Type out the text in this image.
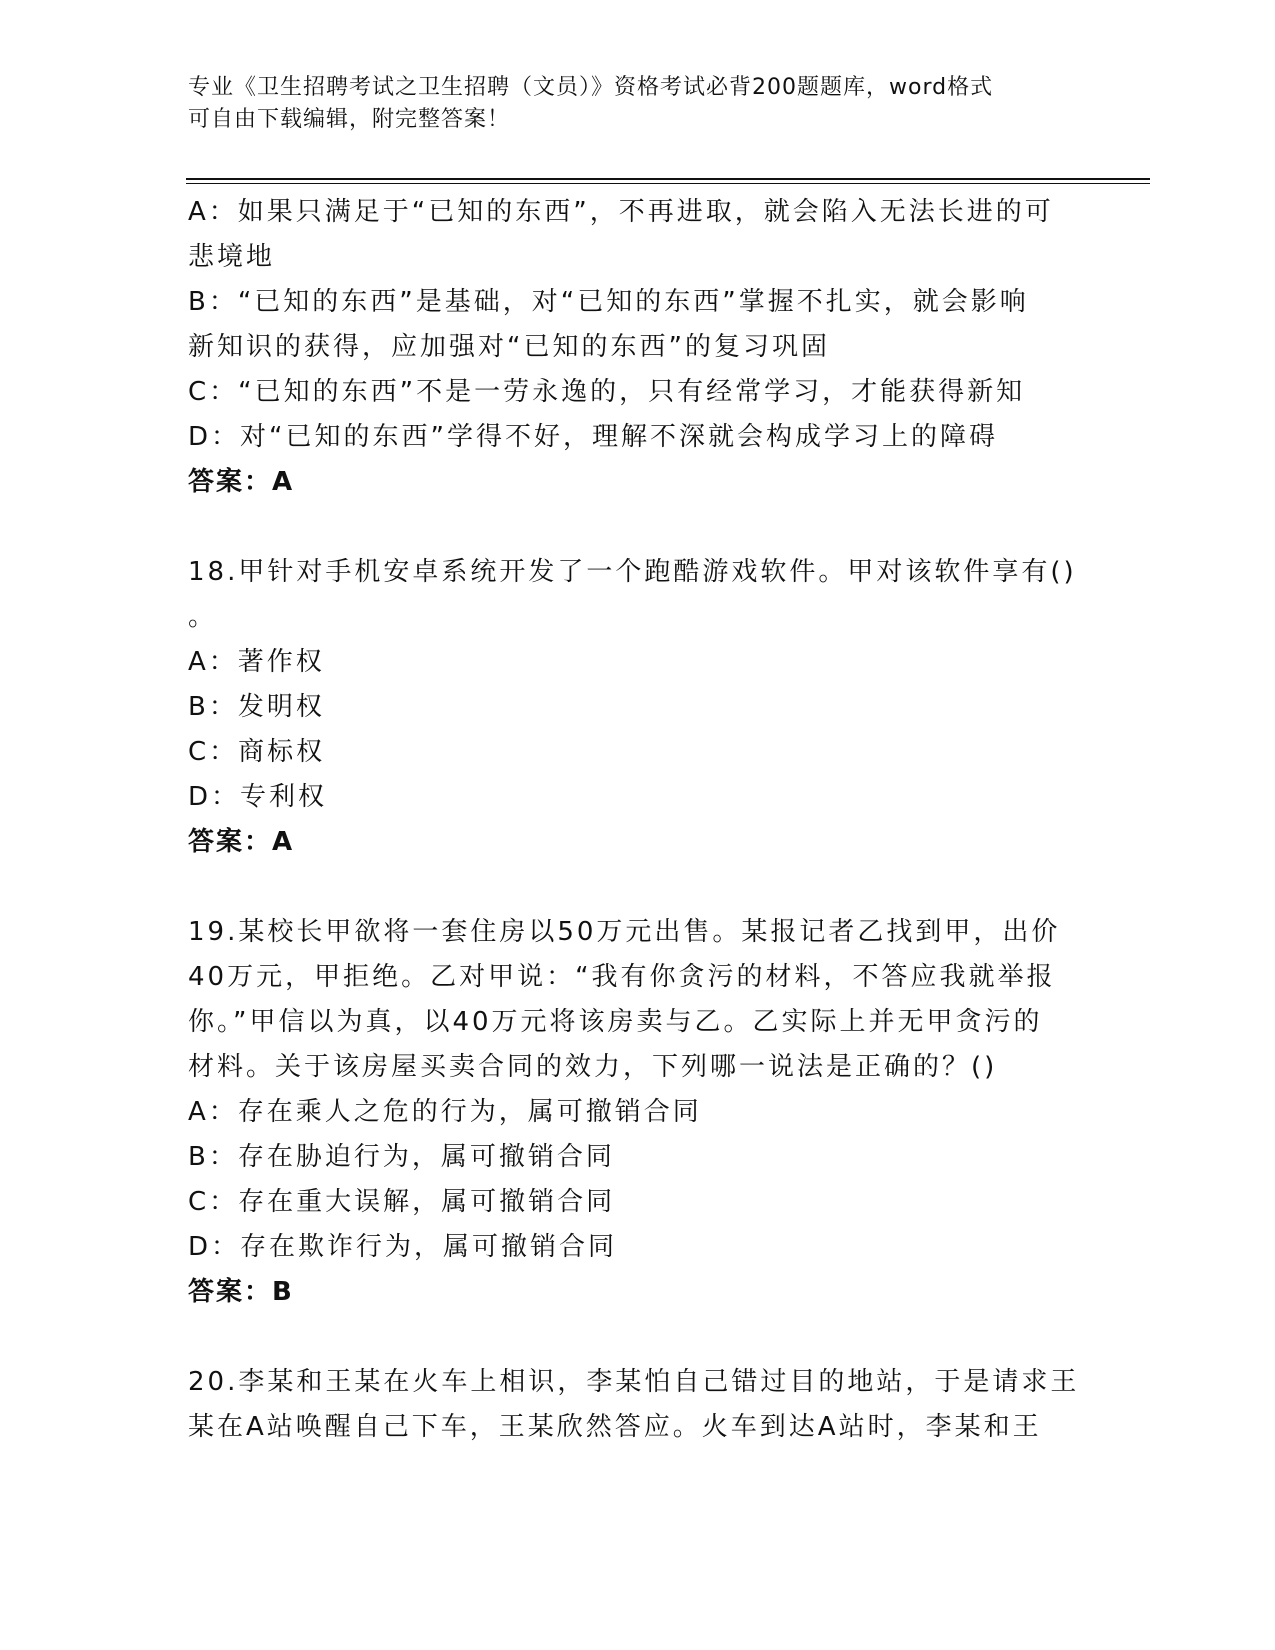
专业《卫生招聘考试之卫生招聘（文员）》资格考试必背200题题库，word格式
可自由下载编辑，附完整答案！
A：如果只满足于“已知的东西”，不再进取，就会陷入无法长进的可
悲境地
B：“已知的东西”是基础，对“已知的东西”掌握不扎实，就会影响
新知识的获得，应加强对“已知的东西”的复习巩固
C：“已知的东西”不是一劳永逸的，只有经常学习，才能获得新知
D：对“已知的东西”学得不好，理解不深就会构成学习上的障碍
答案：A
18.甲针对手机安卓系统开发了一个跑酷游戏软件。甲对该软件享有()
。
A：著作权
B：发明权
C：商标权
D：专利权
答案：A
19.某校长甲欲将一套住房以50万元出售。某报记者乙找到甲，出价
40万元，甲拒绝。乙对甲说：“我有你贪污的材料，不答应我就举报
你。”甲信以为真，以40万元将该房卖与乙。乙实际上并无甲贪污的
材料。关于该房屋买卖合同的效力，下列哪一说法是正确的？()
A：存在乘人之危的行为，属可撤销合同
B：存在胁迫行为，属可撤销合同
C：存在重大误解，属可撤销合同
D：存在欺诈行为，属可撤销合同
答案：B
20.李某和王某在火车上相识，李某怕自己错过目的地站，于是请求王
某在A站唤醒自己下车，王某欣然答应。火车到达A站时，李某和王
